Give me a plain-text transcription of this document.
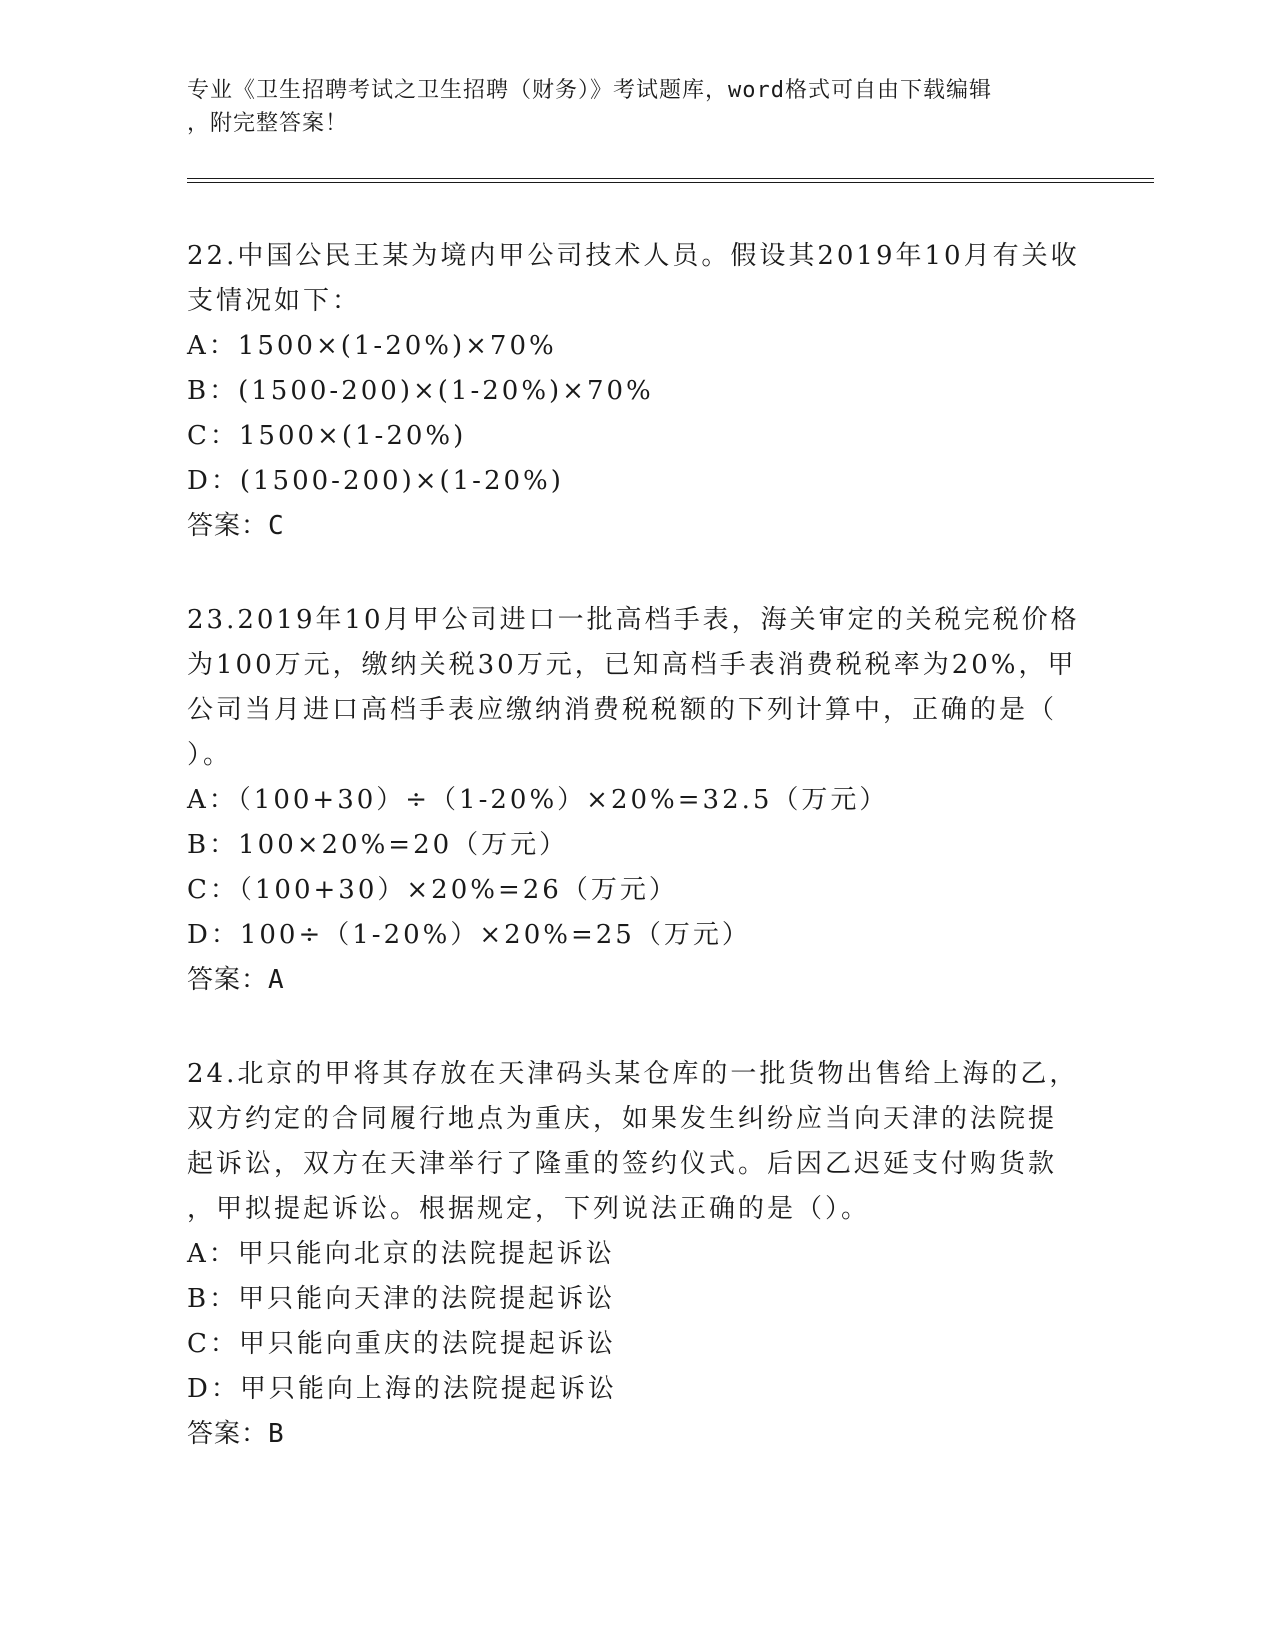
专业《卫生招聘考试之卫生招聘（财务）》考试题库，word格式可自由下载编辑
，附完整答案！
22.中国公民王某为境内甲公司技术人员。假设其2019年10月有关收
支情况如下：
A：1500×(1-20%)×70%
B：(1500-200)×(1-20%)×70%
C：1500×(1-20%)
D：(1500-200)×(1-20%)
答案：C
23.2019年10月甲公司进口一批高档手表，海关审定的关税完税价格
为100万元，缴纳关税30万元，已知高档手表消费税税率为20%，甲
公司当月进口高档手表应缴纳消费税税额的下列计算中，正确的是（
）。
A：（100+30）÷（1-20%）×20%=32.5（万元）
B：100×20%=20（万元）
C：（100+30）×20%=26（万元）
D：100÷（1-20%）×20%=25（万元）
答案：A
24.北京的甲将其存放在天津码头某仓库的一批货物出售给上海的乙，
双方约定的合同履行地点为重庆，如果发生纠纷应当向天津的法院提
起诉讼，双方在天津举行了隆重的签约仪式。后因乙迟延支付购货款
，甲拟提起诉讼。根据规定，下列说法正确的是（）。
A：甲只能向北京的法院提起诉讼
B：甲只能向天津的法院提起诉讼
C：甲只能向重庆的法院提起诉讼
D：甲只能向上海的法院提起诉讼
答案：B
